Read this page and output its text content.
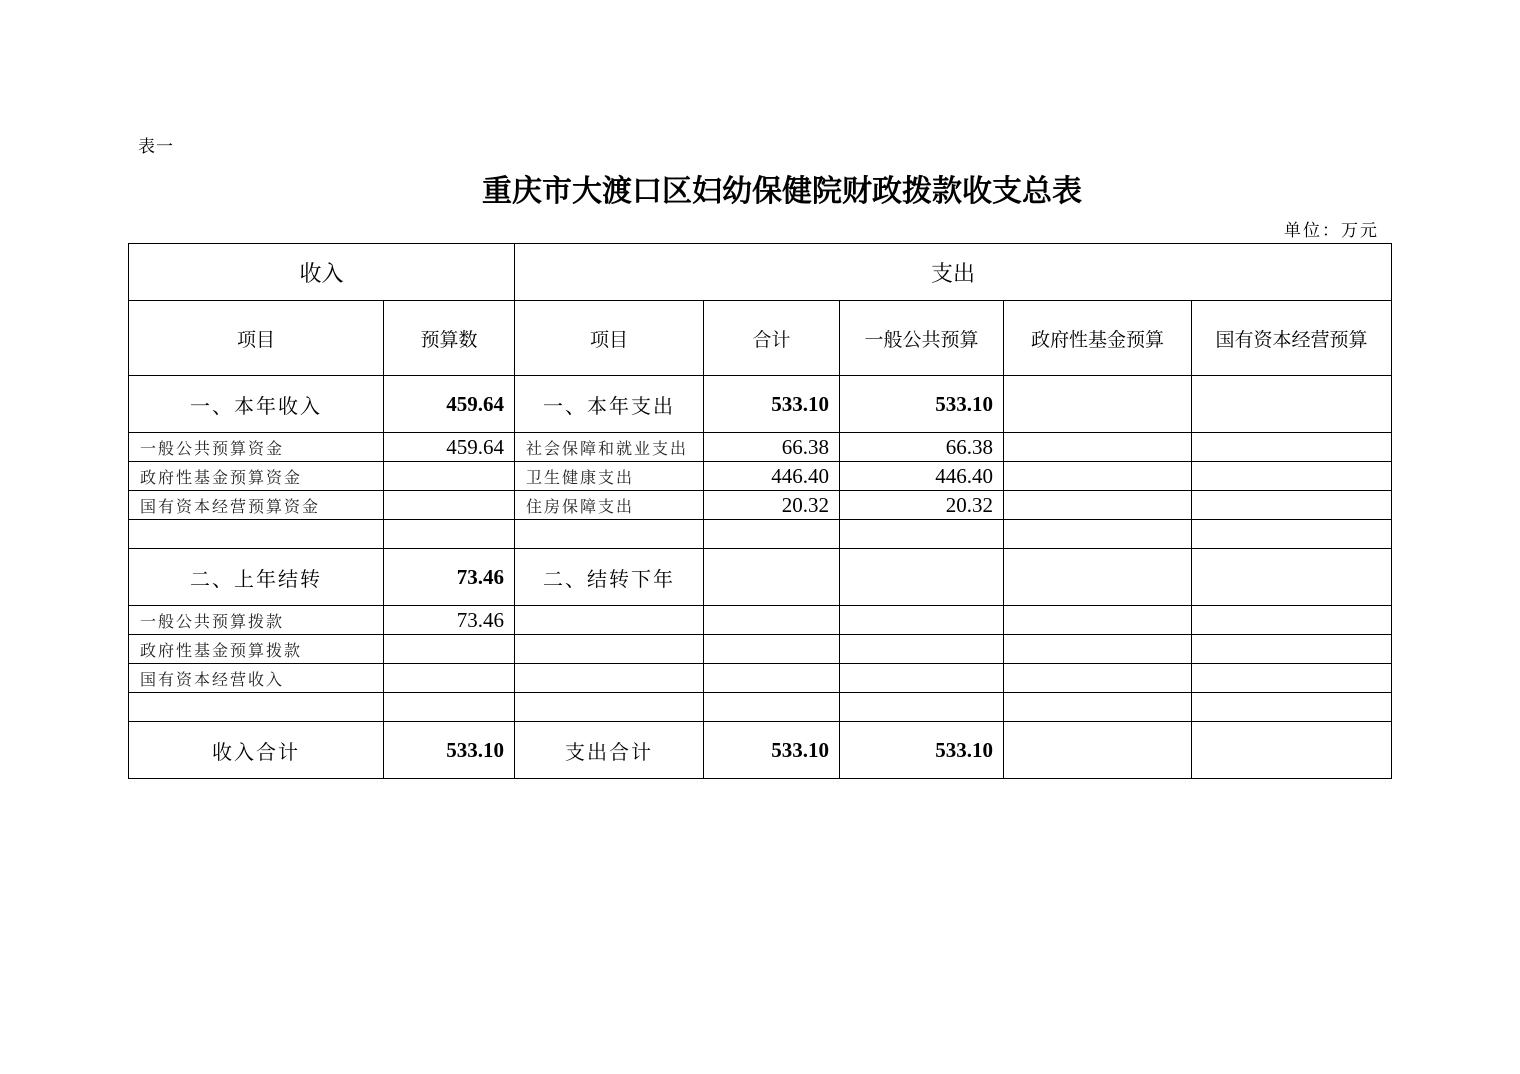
表一
重庆市大渡口区妇幼保健院财政拨款收支总表
单位：万元
收入		支出				
项目	预算数	项目	合计	一般公共预算	政府性基金预算	国有资本经营预算
一、本年收入	459.64	一、本年支出	533.10	533.10		
一般公共预算资金	459.64	社会保障和就业支出	66.38	66.38		
政府性基金预算资金		卫生健康支出	446.40	446.40		
国有资本经营预算资金		住房保障支出	20.32	20.32		

二、上年结转	73.46	二、结转下年				
一般公共预算拨款	73.46					
政府性基金预算拨款						
国有资本经营收入						

收入合计	533.10	支出合计	533.10	533.10		
